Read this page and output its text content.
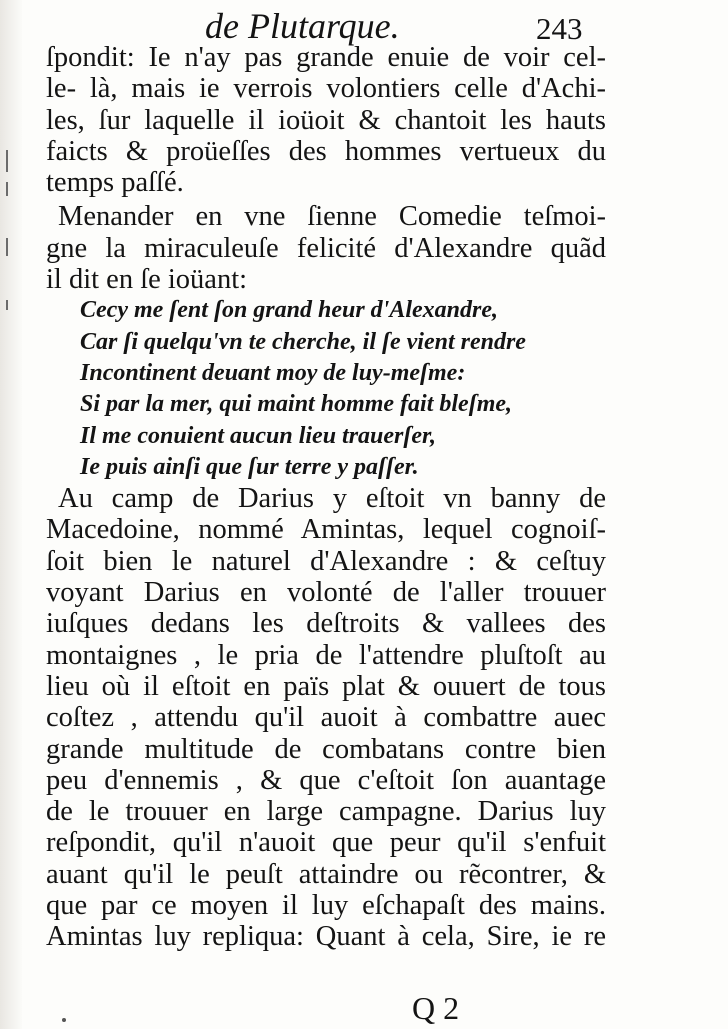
de Plutarque.	243
ſpondit: Ie n'ay pas grande enuie de voir cel-
le- là, mais ie verrois volontiers celle d'Achi-
les, ſur laquelle il ioüoit & chantoit les hauts
faicts & proüeſſes des hommes vertueux du
temps paſſé.
Menander en vne ſienne Comedie teſmoi-
gne la miraculeuſe felicité d'Alexandre quãd
il dit en ſe ioüant:
Cecy me ſent ſon grand heur d'Alexandre,
Car ſi quelqu'vn te cherche, il ſe vient rendre
Incontinent deuant moy de luy-meſme:
Si par la mer, qui maint homme fait bleſme,
Il me conuient aucun lieu trauerſer,
Ie puis ainſi que ſur terre y paſſer.
Au camp de Darius y eſtoit vn banny de
Macedoine, nommé Amintas, lequel cognoiſ-
ſoit bien le naturel d'Alexandre : & ceſtuy
voyant Darius en volonté de l'aller trouuer
iuſques dedans les deſtroits & vallees des
montaignes , le pria de l'attendre pluſtoſt au
lieu où il eſtoit en païs plat & ouuert de tous
coſtez , attendu qu'il auoit à combattre auec
grande multitude de combatans contre bien
peu d'ennemis , & que c'eſtoit ſon auantage
de le trouuer en large campagne. Darius luy
reſpondit, qu'il n'auoit que peur qu'il s'enfuit
auant qu'il le peuſt attaindre ou rẽcontrer, &
que par ce moyen il luy eſchapaſt des mains.
Amintas luy repliqua: Quant à cela, Sire, ie re
Q 2
